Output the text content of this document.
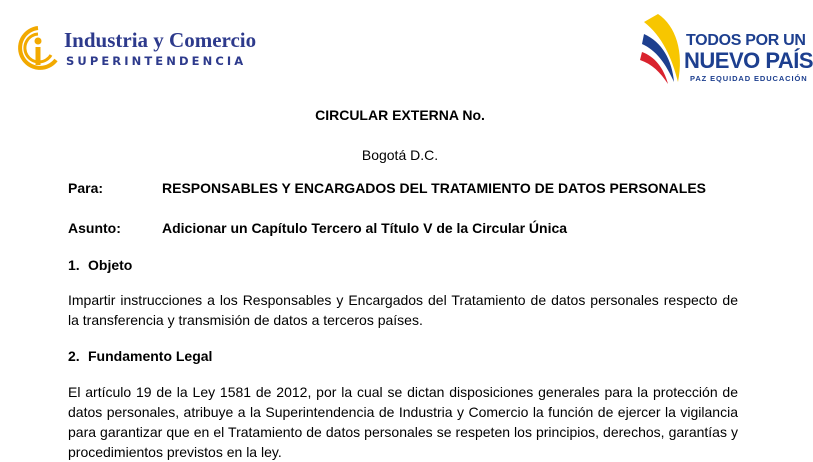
Industria y Comercio
SUPERINTENDENCIA
TODOS POR UN
NUEVO PAÍS
PAZ EQUIDAD EDUCACIÓN
CIRCULAR EXTERNA No.
Bogotá D.C.
Para:	RESPONSABLES Y ENCARGADOS DEL TRATAMIENTO DE DATOS PERSONALES
Asunto:	Adicionar un Capítulo Tercero al Título V de la Circular Única
1. Objeto
Impartir instrucciones a los Responsables y Encargados del Tratamiento de datos personales respecto de la transferencia y transmisión de datos a terceros países.
2. Fundamento Legal
El artículo 19 de la Ley 1581 de 2012, por la cual se dictan disposiciones generales para la protección de datos personales, atribuye a la Superintendencia de Industria y Comercio la función de ejercer la vigilancia para garantizar que en el Tratamiento de datos personales se respeten los principios, derechos, garantías y procedimientos previstos en la ley.
